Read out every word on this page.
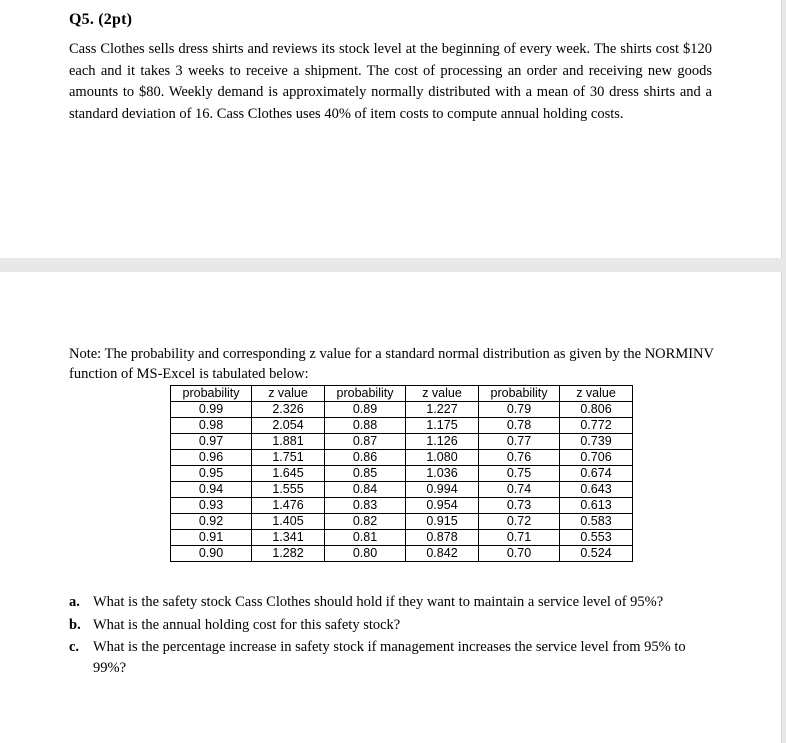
Q5. (2pt)

Cass Clothes sells dress shirts and reviews its stock level at the beginning of every week. The shirts cost $120 each and it takes 3 weeks to receive a shipment. The cost of processing an order and receiving new goods amounts to $80. Weekly demand is approximately normally distributed with a mean of 30 dress shirts and a standard deviation of 16. Cass Clothes uses 40% of item costs to compute annual holding costs.

Note: The probability and corresponding z value for a standard normal distribution as given by the NORMINV function of MS-Excel is tabulated below:

probability	z value	probability	z value	probability	z value
0.99	2.326	0.89	1.227	0.79	0.806
0.98	2.054	0.88	1.175	0.78	0.772
0.97	1.881	0.87	1.126	0.77	0.739
0.96	1.751	0.86	1.080	0.76	0.706
0.95	1.645	0.85	1.036	0.75	0.674
0.94	1.555	0.84	0.994	0.74	0.643
0.93	1.476	0.83	0.954	0.73	0.613
0.92	1.405	0.82	0.915	0.72	0.583
0.91	1.341	0.81	0.878	0.71	0.553
0.90	1.282	0.80	0.842	0.70	0.524
a. What is the safety stock Cass Clothes should hold if they want to maintain a service level of 95%?
b. What is the annual holding cost for this safety stock?
c. What is the percentage increase in safety stock if management increases the service level from 95% to 99%?
